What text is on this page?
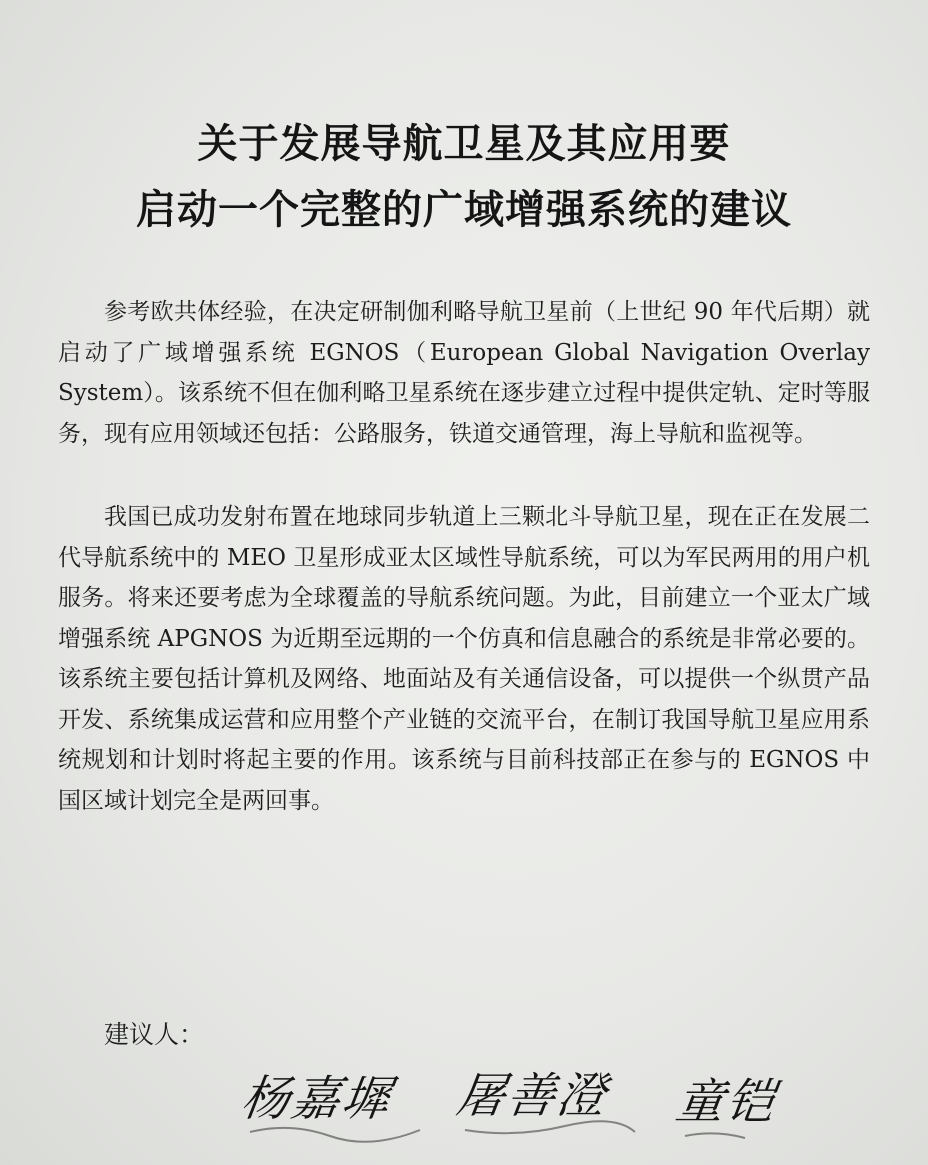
关于发展导航卫星及其应用要
启动一个完整的广域增强系统的建议

参考欧共体经验，在决定研制伽利略导航卫星前（上世纪 90 年代后期）就启动了广域增强系统 EGNOS（European Global Navigation Overlay System）。该系统不但在伽利略卫星系统在逐步建立过程中提供定轨、定时等服务，现有应用领域还包括：公路服务，铁道交通管理，海上导航和监视等。

我国已成功发射布置在地球同步轨道上三颗北斗导航卫星，现在正在发展二代导航系统中的 MEO 卫星形成亚太区域性导航系统，可以为军民两用的用户机服务。将来还要考虑为全球覆盖的导航系统问题。为此，目前建立一个亚太广域增强系统 APGNOS 为近期至远期的一个仿真和信息融合的系统是非常必要的。该系统主要包括计算机及网络、地面站及有关通信设备，可以提供一个纵贯产品开发、系统集成运营和应用整个产业链的交流平台，在制订我国导航卫星应用系统规划和计划时将起主要的作用。该系统与目前科技部正在参与的 EGNOS 中国区域计划完全是两回事。

建议人：

杨嘉墀 屠善澄 童铠
